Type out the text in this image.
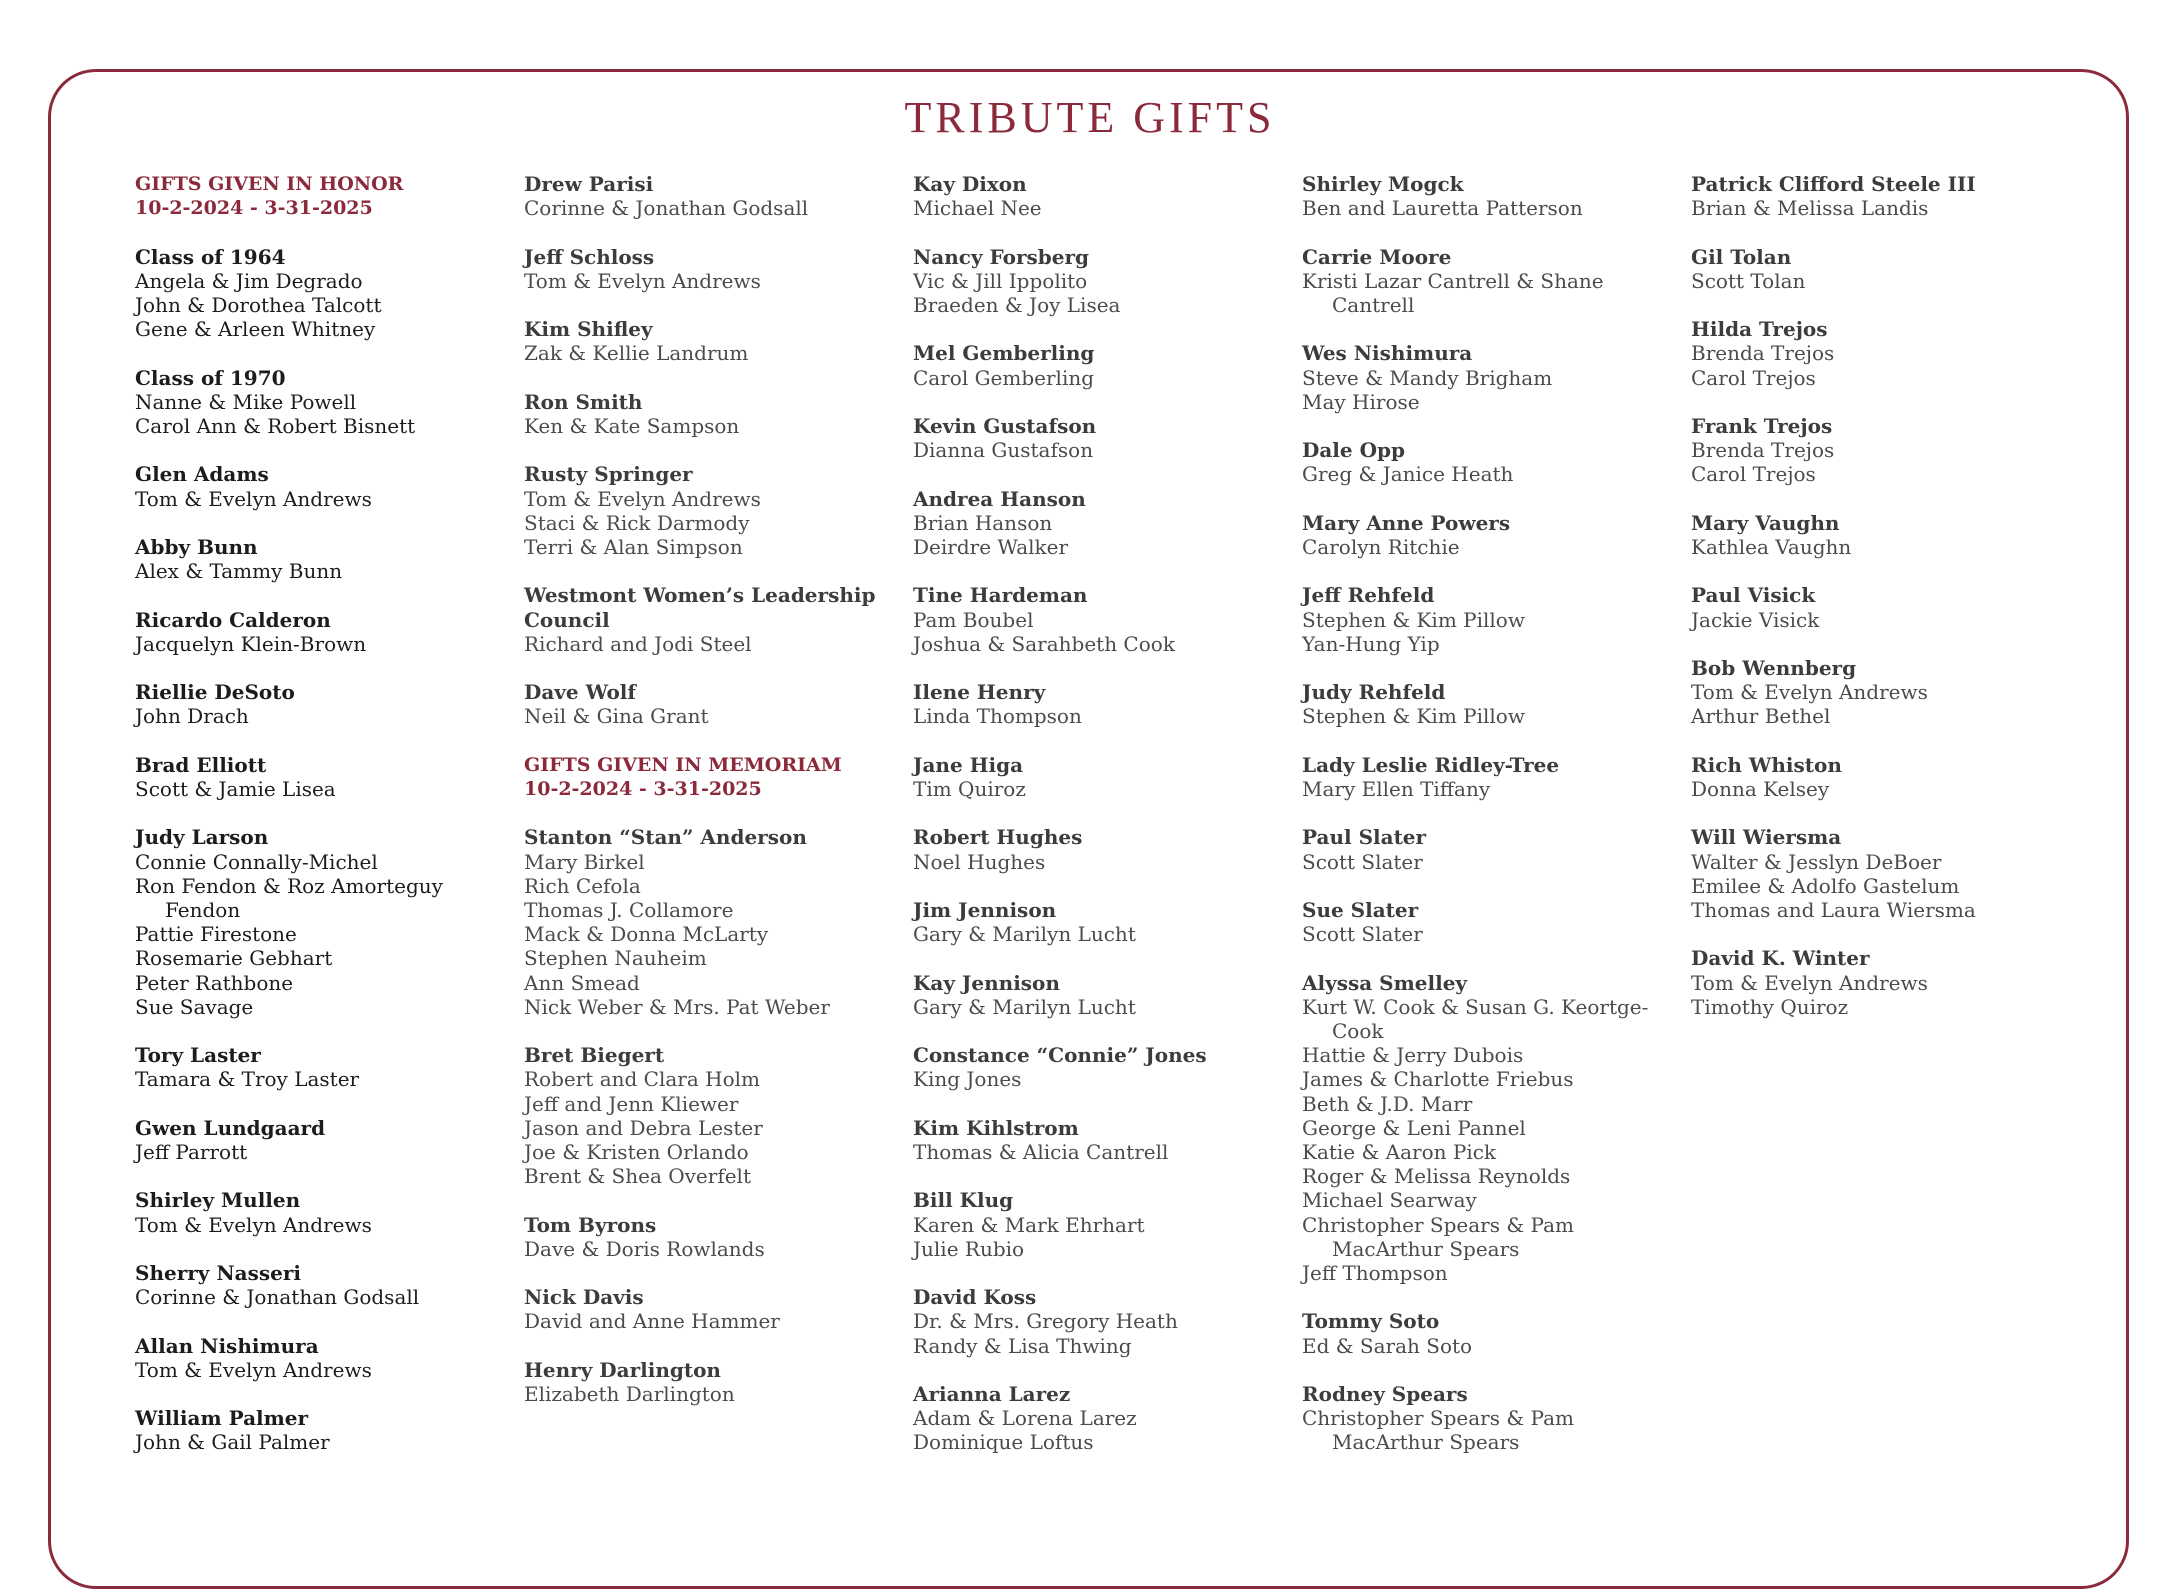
TRIBUTE GIFTS
GIFTS GIVEN IN HONOR
10-2-2024 - 3-31-2025
Class of 1964
Angela & Jim Degrado
John & Dorothea Talcott
Gene & Arleen Whitney
Class of 1970
Nanne & Mike Powell
Carol Ann & Robert Bisnett
Glen Adams
Tom & Evelyn Andrews
Abby Bunn
Alex & Tammy Bunn
Ricardo Calderon
Jacquelyn Klein-Brown
Riellie DeSoto
John Drach
Brad Elliott
Scott & Jamie Lisea
Judy Larson
Connie Connally-Michel
Ron Fendon & Roz Amorteguy Fendon
Pattie Firestone
Rosemarie Gebhart
Peter Rathbone
Sue Savage
Tory Laster
Tamara & Troy Laster
Gwen Lundgaard
Jeff Parrott
Shirley Mullen
Tom & Evelyn Andrews
Sherry Nasseri
Corinne & Jonathan Godsall
Allan Nishimura
Tom & Evelyn Andrews
William Palmer
John & Gail Palmer
Drew Parisi
Corinne & Jonathan Godsall
Jeff Schloss
Tom & Evelyn Andrews
Kim Shifley
Zak & Kellie Landrum
Ron Smith
Ken & Kate Sampson
Rusty Springer
Tom & Evelyn Andrews
Staci & Rick Darmody
Terri & Alan Simpson
Westmont Women’s Leadership Council
Richard and Jodi Steel
Dave Wolf
Neil & Gina Grant
GIFTS GIVEN IN MEMORIAM
10-2-2024 - 3-31-2025
Stanton “Stan” Anderson
Mary Birkel
Rich Cefola
Thomas J. Collamore
Mack & Donna McLarty
Stephen Nauheim
Ann Smead
Nick Weber & Mrs. Pat Weber
Bret Biegert
Robert and Clara Holm
Jeff and Jenn Kliewer
Jason and Debra Lester
Joe & Kristen Orlando
Brent & Shea Overfelt
Tom Byrons
Dave & Doris Rowlands
Nick Davis
David and Anne Hammer
Henry Darlington
Elizabeth Darlington
Kay Dixon
Michael Nee
Nancy Forsberg
Vic & Jill Ippolito
Braeden & Joy Lisea
Mel Gemberling
Carol Gemberling
Kevin Gustafson
Dianna Gustafson
Andrea Hanson
Brian Hanson
Deirdre Walker
Tine Hardeman
Pam Boubel
Joshua & Sarahbeth Cook
Ilene Henry
Linda Thompson
Jane Higa
Tim Quiroz
Robert Hughes
Noel Hughes
Jim Jennison
Gary & Marilyn Lucht
Kay Jennison
Gary & Marilyn Lucht
Constance “Connie” Jones
King Jones
Kim Kihlstrom
Thomas & Alicia Cantrell
Bill Klug
Karen & Mark Ehrhart
Julie Rubio
David Koss
Dr. & Mrs. Gregory Heath
Randy & Lisa Thwing
Arianna Larez
Adam & Lorena Larez
Dominique Loftus
Shirley Mogck
Ben and Lauretta Patterson
Carrie Moore
Kristi Lazar Cantrell & Shane Cantrell
Wes Nishimura
Steve & Mandy Brigham
May Hirose
Dale Opp
Greg & Janice Heath
Mary Anne Powers
Carolyn Ritchie
Jeff Rehfeld
Stephen & Kim Pillow
Yan-Hung Yip
Judy Rehfeld
Stephen & Kim Pillow
Lady Leslie Ridley-Tree
Mary Ellen Tiffany
Paul Slater
Scott Slater
Sue Slater
Scott Slater
Alyssa Smelley
Kurt W. Cook & Susan G. Keortge-Cook
Hattie & Jerry Dubois
James & Charlotte Friebus
Beth & J.D. Marr
George & Leni Pannel
Katie & Aaron Pick
Roger & Melissa Reynolds
Michael Searway
Christopher Spears & Pam MacArthur Spears
Jeff Thompson
Tommy Soto
Ed & Sarah Soto
Rodney Spears
Christopher Spears & Pam MacArthur Spears
Patrick Clifford Steele III
Brian & Melissa Landis
Gil Tolan
Scott Tolan
Hilda Trejos
Brenda Trejos
Carol Trejos
Frank Trejos
Brenda Trejos
Carol Trejos
Mary Vaughn
Kathlea Vaughn
Paul Visick
Jackie Visick
Bob Wennberg
Tom & Evelyn Andrews
Arthur Bethel
Rich Whiston
Donna Kelsey
Will Wiersma
Walter & Jesslyn DeBoer
Emilee & Adolfo Gastelum
Thomas and Laura Wiersma
David K. Winter
Tom & Evelyn Andrews
Timothy Quiroz
